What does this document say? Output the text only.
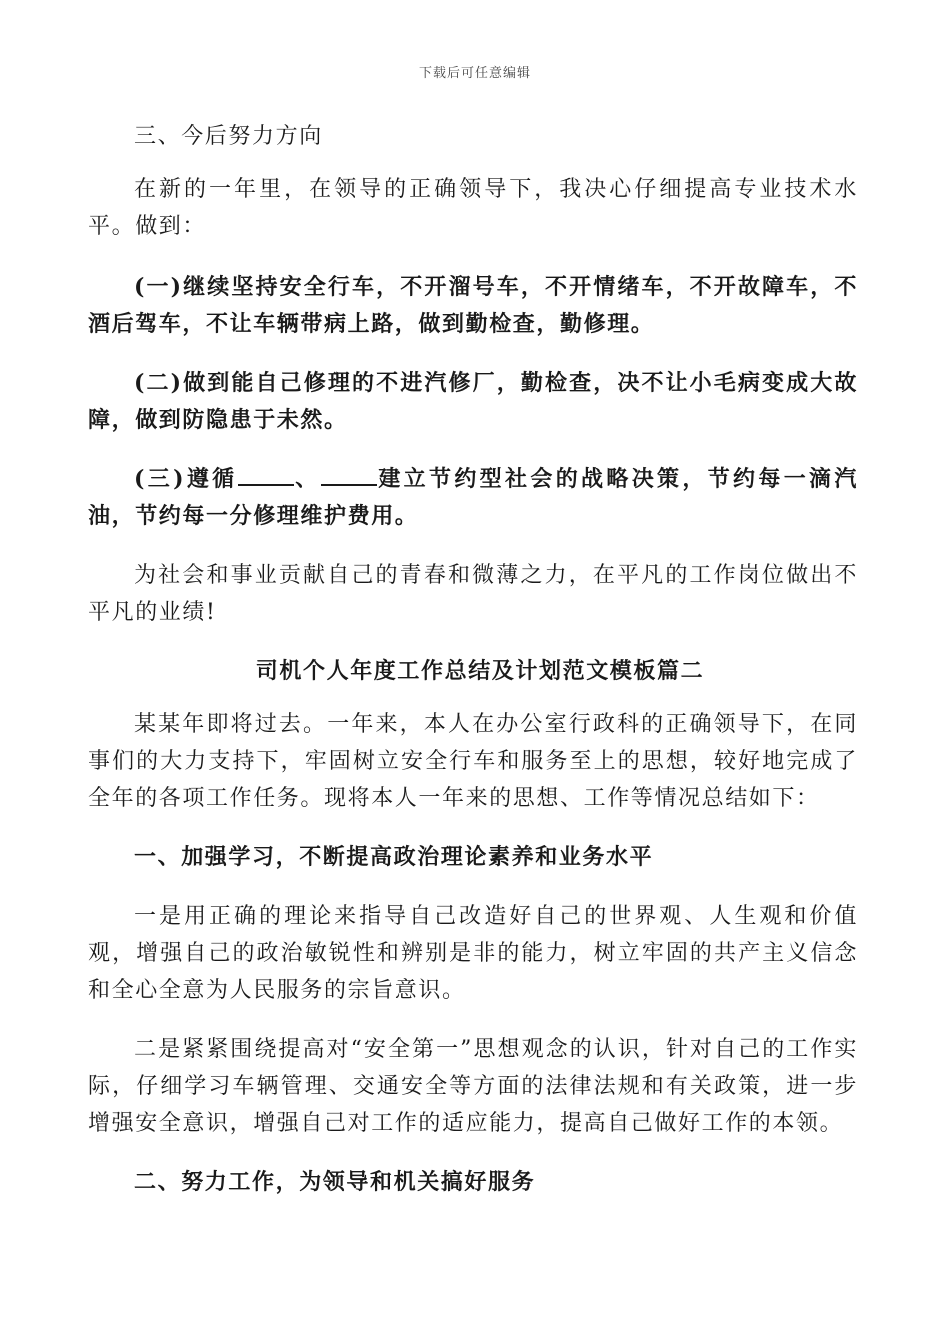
下载后可任意编辑
三、今后努力方向
在新的一年里，在领导的正确领导下，我决心仔细提高专业技术水平。做到：
(一)继续坚持安全行车，不开溜号车，不开情绪车，不开故障车，不酒后驾车，不让车辆带病上路，做到勤检查，勤修理。
(二)做到能自己修理的不进汽修厂，勤检查，决不让小毛病变成大故障，做到防隐患于未然。
(三)遵循	、	建立节约型社会的战略决策，节约每一滴汽油，节约每一分修理维护费用。
为社会和事业贡献自己的青春和微薄之力，在平凡的工作岗位做出不平凡的业绩!
司机个人年度工作总结及计划范文模板篇二
某某年即将过去。一年来，本人在办公室行政科的正确领导下，在同事们的大力支持下，牢固树立安全行车和服务至上的思想，较好地完成了全年的各项工作任务。现将本人一年来的思想、工作等情况总结如下：
一、加强学习，不断提高政治理论素养和业务水平
一是用正确的理论来指导自己改造好自己的世界观、人生观和价值观，增强自己的政治敏锐性和辨别是非的能力，树立牢固的共产主义信念和全心全意为人民服务的宗旨意识。
二是紧紧围绕提高对“安全第一”思想观念的认识，针对自己的工作实际，仔细学习车辆管理、交通安全等方面的法律法规和有关政策，进一步增强安全意识，增强自己对工作的适应能力，提高自己做好工作的本领。
二、努力工作，为领导和机关搞好服务
